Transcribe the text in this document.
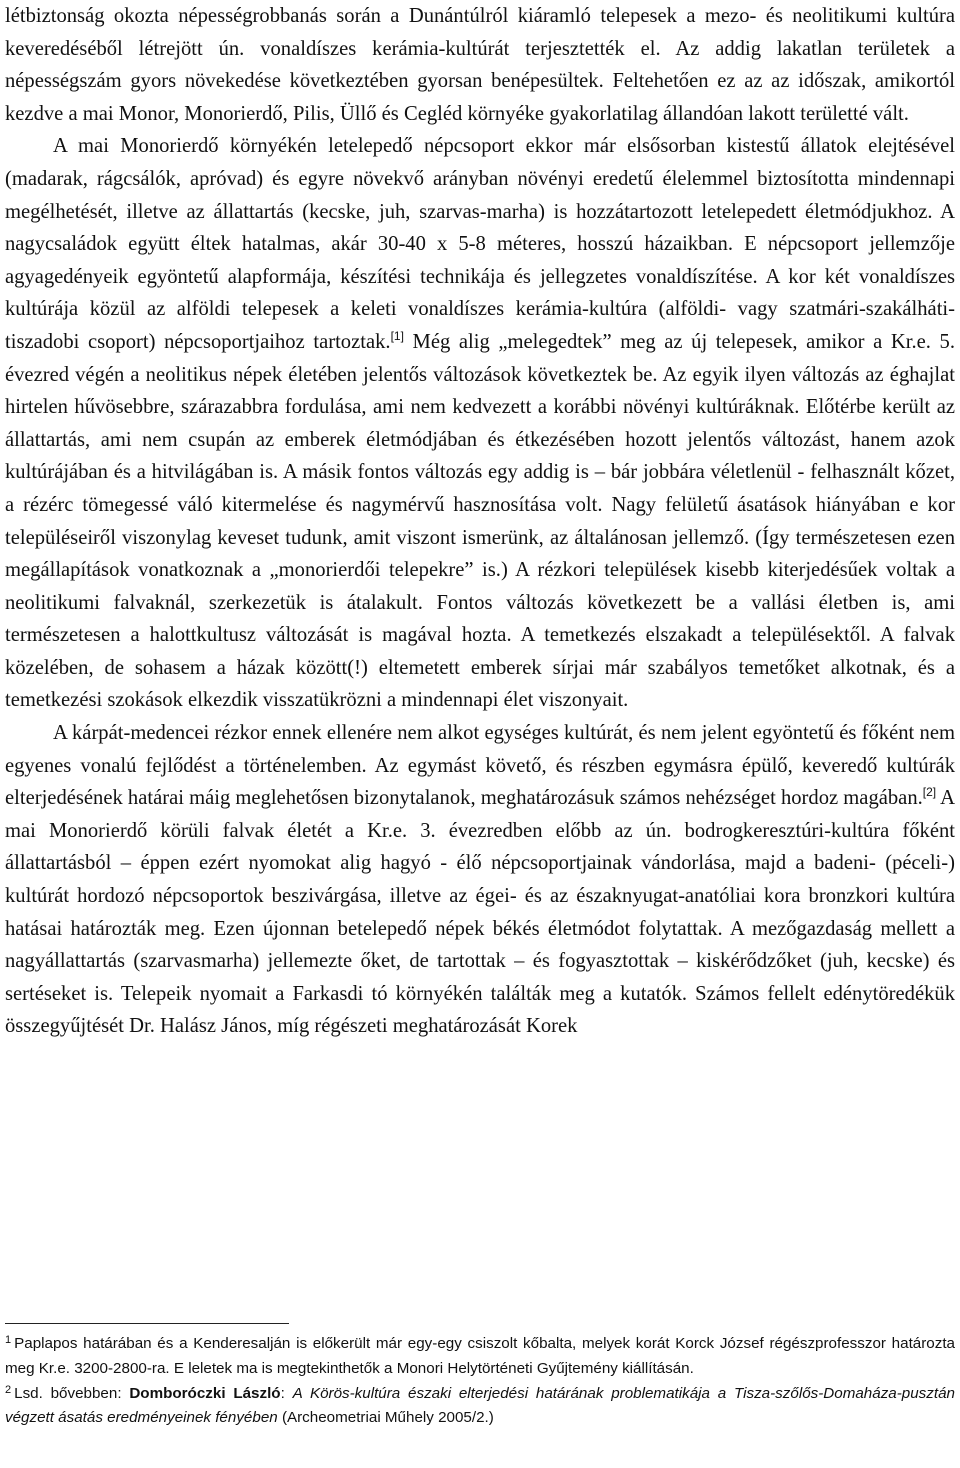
létbiztonság okozta népességrobbanás során a Dunántúlról kiáramló telepesek a mezo- és neolitikumi kultúra keveredéséből létrejött ún. vonaldíszes kerámia-kultúrát terjesztették el. Az addig lakatlan területek a népességszám gyors növekedése következtében gyorsan benépesültek. Feltehetően ez az az időszak, amikortól kezdve a mai Monor, Monorierdő, Pilis, Üllő és Cegléd környéke gyakorlatilag állandóan lakott területté vált.

A mai Monorierdő környékén letelepedő népcsoport ekkor már elsősorban kistestű állatok elejtésével (madarak, rágcsálók, apróvad) és egyre növekvő arányban növényi eredetű élelemmel biztosította mindennapi megélhetését, illetve az állattartás (kecske, juh, szarvas-marha) is hozzátartozott letelepedett életmódjukhoz. A nagycsaládok együtt éltek hatalmas, akár 30-40 x 5-8 méteres, hosszú házaikban. E népcsoport jellemzője agyagedényeik egyöntetű alapformája, készítési technikája és jellegzetes vonaldíszítése. A kor két vonaldíszes kultúrája közül az alföldi telepesek a keleti vonaldíszes kerámia-kultúra (alföldi- vagy szatmári-szakálháti-tiszadobi csoport) népcsoportjaihoz tartoztak.[1] Még alig „melegedtek” meg az új telepesek, amikor a Kr.e. 5. évezred végén a neolitikus népek életében jelentős változások következtek be. Az egyik ilyen változás az éghajlat hirtelen hűvösebbre, szárazabbra fordulása, ami nem kedvezett a korábbi növényi kultúráknak. Előtérbe került az állattartás, ami nem csupán az emberek életmódjában és étkezésében hozott jelentős változást, hanem azok kultúrájában és a hitvilágában is. A másik fontos változás egy addig is – bár jobbára véletlenül - felhasznált kőzet, a rézérc tömegessé váló kitermelése és nagymérvű hasznosítása volt. Nagy felületű ásatások hiányában e kor településeiről viszonylag keveset tudunk, amit viszont ismerünk, az általánosan jellemző. (Így természetesen ezen megállapítások vonatkoznak a „monorierdői telepekre” is.) A rézkori települések kisebb kiterjedésűek voltak a neolitikumi falvaknál, szerkezetük is átalakult. Fontos változás következett be a vallási életben is, ami természetesen a halottkultusz változását is magával hozta. A temetkezés elszakadt a településektől. A falvak közelében, de sohasem a házak között(!) eltemetett emberek sírjai már szabályos temetőket alkotnak, és a temetkezési szokások elkezdik visszatükrözni a mindennapi élet viszonyait.

A kárpát-medencei rézkor ennek ellenére nem alkot egységes kultúrát, és nem jelent egyöntetű és főként nem egyenes vonalú fejlődést a történelemben. Az egymást követő, és részben egymásra épülő, keveredő kultúrák elterjedésének határai máig meglehetősen bizonytalanok, meghatározásuk számos nehézséget hordoz magában.[2] A mai Monorierdő körüli falvak életét a Kr.e. 3. évezredben előbb az ún. bodrogkeresztúri-kultúra főként állattartásból – éppen ezért nyomokat alig hagyó - élő népcsoportjainak vándorlása, majd a badeni- (péceli-) kultúrát hordozó népcsoportok beszivárgása, illetve az égei- és az északnyugat-anatóliai kora bronzkori kultúra hatásai határozták meg. Ezen újonnan betelepedő népek békés életmódot folytattak. A mezőgazdaság mellett a nagyállattartás (szarvasmarha) jellemezte őket, de tartottak – és fogyasztottak – kiskérődzőket (juh, kecske) és sertéseket is. Telepeik nyomait a Farkasdi tó környékén találták meg a kutatók. Számos fellelt edénytöredékük összegyűjtését Dr. Halász János, míg régészeti meghatározását Korek

$^1$ Paplapos határában és a Kenderesalján is előkerült már egy-egy csiszolt kőbalta, melyek korát Korck József régészprofesszor határozta meg Kr.e. 3200-2800-ra. E leletek ma is megtekinthetők a Monori Helytörténeti Gyűjtemény kiállításán.

$^2$ Lsd. bővebben: Domboróczki László: A Körös-kultúra északi elterjedési határának problematikája a Tisza-szőlős-Domaháza-pusztán végzett ásatás eredményeinek fényében (Archeometriai Műhely 2005/2.)
